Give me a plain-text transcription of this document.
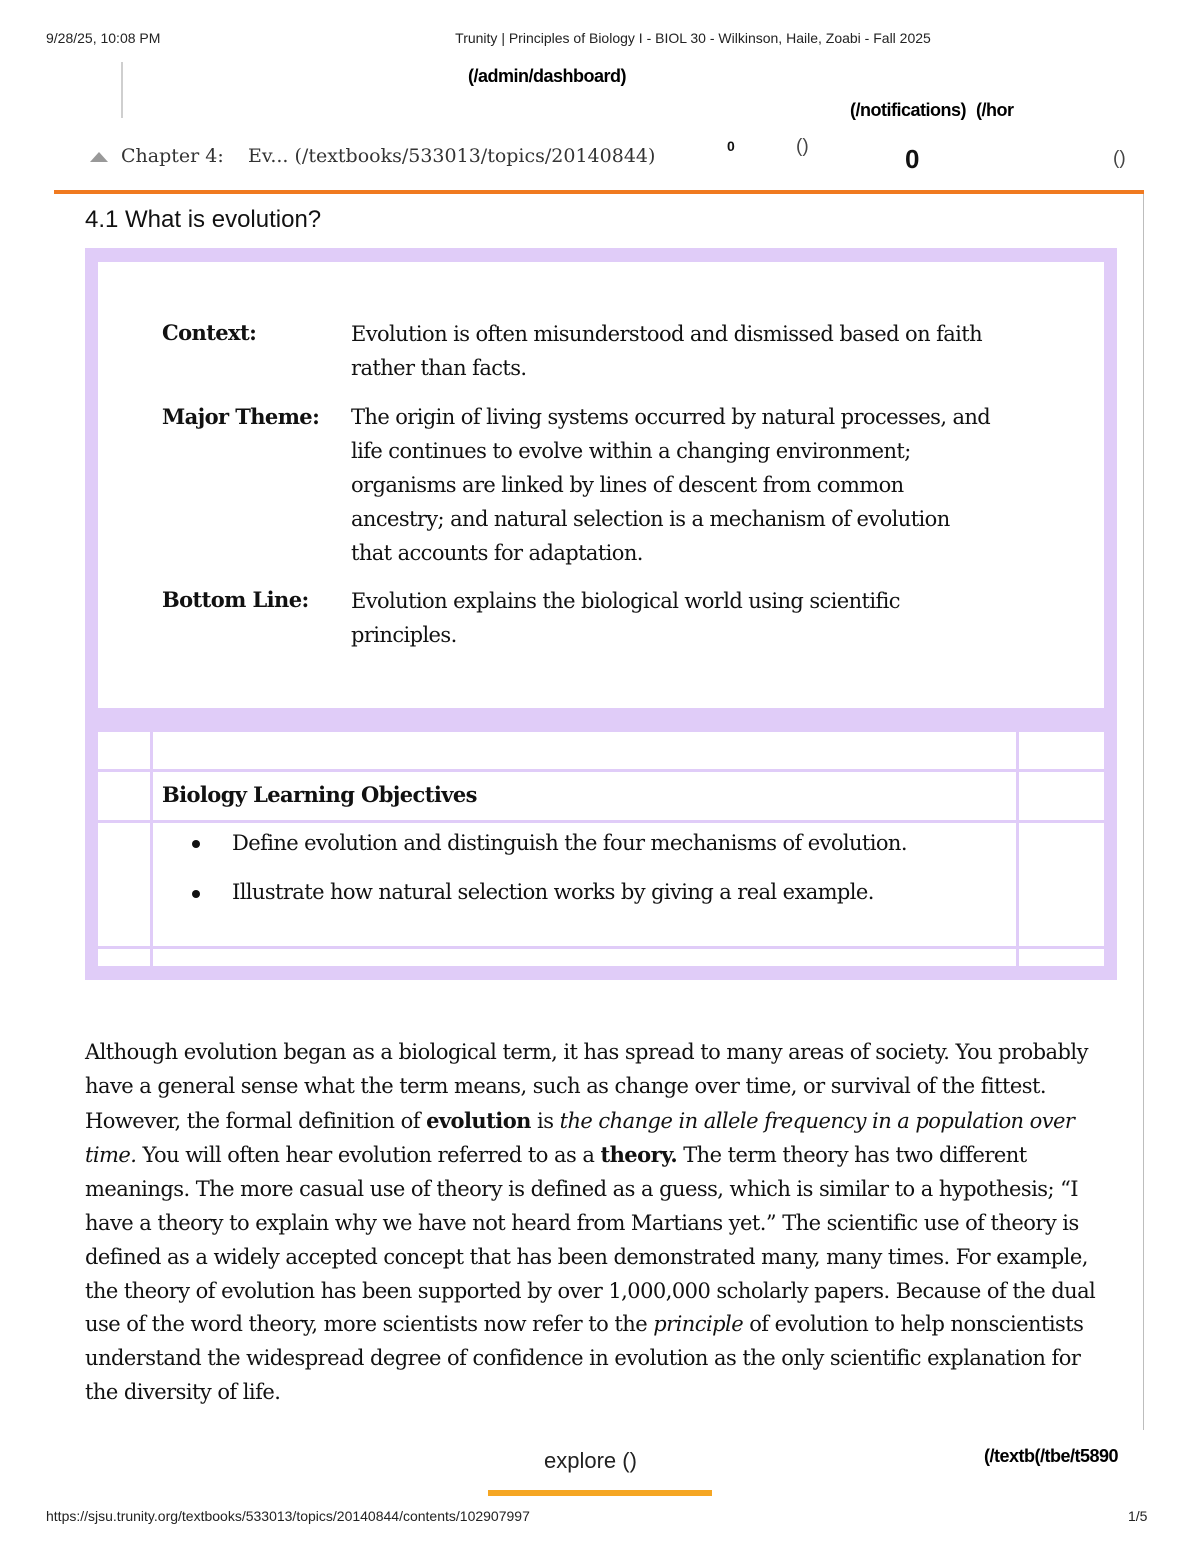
9/28/25, 10:08 PM	Trunity | Principles of Biology I - BIOL 30 - Wilkinson, Haile, Zoabi - Fall 2025
(/admin/dashboard)
(/notifications) (/hor
Chapter 4: Ev... (/textbooks/533013/topics/20140844)	0	()	0	()
4.1 What is evolution?
Context:	Evolution is often misunderstood and dismissed based on faith
rather than facts.
Major Theme: The origin of living systems occurred by natural processes, and
life continues to evolve within a changing environment;
organisms are linked by lines of descent from common
ancestry; and natural selection is a mechanism of evolution
that accounts for adaptation.
Bottom Line: Evolution explains the biological world using scientific
principles.
Biology Learning Objectives
Define evolution and distinguish the four mechanisms of evolution.
Illustrate how natural selection works by giving a real example.
Although evolution began as a biological term, it has spread to many areas of society. You probably
have a general sense what the term means, such as change over time, or survival of the fittest.
However, the formal definition of evolution is the change in allele frequency in a population over
time. You will often hear evolution referred to as a theory. The term theory has two different
meanings. The more casual use of theory is defined as a guess, which is similar to a hypothesis; “I
have a theory to explain why we have not heard from Martians yet.” The scientific use of theory is
defined as a widely accepted concept that has been demonstrated many, many times. For example,
the theory of evolution has been supported by over 1,000,000 scholarly papers. Because of the dual
use of the word theory, more scientists now refer to the principle of evolution to help nonscientists
understand the widespread degree of confidence in evolution as the only scientific explanation for
the diversity of life.
explore ()	(/textb(/tbe/t5890
https://sjsu.trunity.org/textbooks/533013/topics/20140844/contents/102907997	1/5
